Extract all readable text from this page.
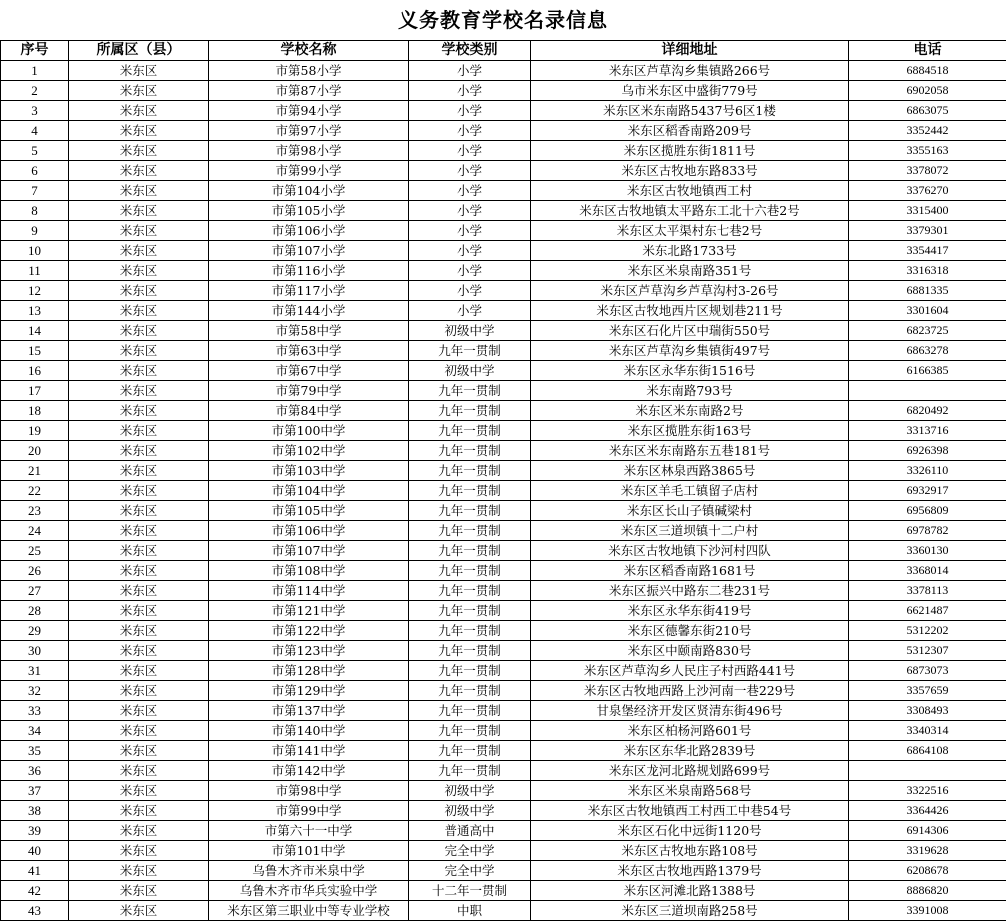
义务教育学校名录信息
序号	所属区（县）	学校名称	学校类别	详细地址	电话
1	米东区	市第58小学	小学	米东区芦草沟乡集镇路266号	6884518
2	米东区	市第87小学	小学	乌市米东区中盛街779号	6902058
3	米东区	市第94小学	小学	米东区米东南路5437号6区1楼	6863075
4	米东区	市第97小学	小学	米东区稻香南路209号	3352442
5	米东区	市第98小学	小学	米东区揽胜东街1811号	3355163
6	米东区	市第99小学	小学	米东区古牧地东路833号	3378072
7	米东区	市第104小学	小学	米东区古牧地镇西工村	3376270
8	米东区	市第105小学	小学	米东区古牧地镇太平路东工北十六巷2号	3315400
9	米东区	市第106小学	小学	米东区太平渠村东七巷2号	3379301
10	米东区	市第107小学	小学	米东北路1733号	3354417
11	米东区	市第116小学	小学	米东区米泉南路351号	3316318
12	米东区	市第117小学	小学	米东区芦草沟乡芦草沟村3-26号	6881335
13	米东区	市第144小学	小学	米东区古牧地西片区规划巷211号	3301604
14	米东区	市第58中学	初级中学	米东区石化片区中瑞街550号	6823725
15	米东区	市第63中学	九年一贯制	米东区芦草沟乡集镇街497号	6863278
16	米东区	市第67中学	初级中学	米东区永华东街1516号	6166385
17	米东区	市第79中学	九年一贯制	米东南路793号	
18	米东区	市第84中学	九年一贯制	米东区米东南路2号	6820492
19	米东区	市第100中学	九年一贯制	米东区揽胜东街163号	3313716
20	米东区	市第102中学	九年一贯制	米东区米东南路东五巷181号	6926398
21	米东区	市第103中学	九年一贯制	米东区林泉西路3865号	3326110
22	米东区	市第104中学	九年一贯制	米东区羊毛工镇留子店村	6932917
23	米东区	市第105中学	九年一贯制	米东区长山子镇碱梁村	6956809
24	米东区	市第106中学	九年一贯制	米东区三道坝镇十二户村	6978782
25	米东区	市第107中学	九年一贯制	米东区古牧地镇下沙河村四队	3360130
26	米东区	市第108中学	九年一贯制	米东区稻香南路1681号	3368014
27	米东区	市第114中学	九年一贯制	米东区振兴中路东二巷231号	3378113
28	米东区	市第121中学	九年一贯制	米东区永华东街419号	6621487
29	米东区	市第122中学	九年一贯制	米东区德馨东街210号	5312202
30	米东区	市第123中学	九年一贯制	米东区中颐南路830号	5312307
31	米东区	市第128中学	九年一贯制	米东区芦草沟乡人民庄子村西路441号	6873073
32	米东区	市第129中学	九年一贯制	米东区古牧地西路上沙河南一巷229号	3357659
33	米东区	市第137中学	九年一贯制	甘泉堡经济开发区贤清东街496号	3308493
34	米东区	市第140中学	九年一贯制	米东区柏杨河路601号	3340314
35	米东区	市第141中学	九年一贯制	米东区东华北路2839号	6864108
36	米东区	市第142中学	九年一贯制	米东区龙河北路规划路699号	
37	米东区	市第98中学	初级中学	米东区米泉南路568号	3322516
38	米东区	市第99中学	初级中学	米东区古牧地镇西工村西工中巷54号	3364426
39	米东区	市第六十一中学	普通高中	米东区石化中远街1120号	6914306
40	米东区	市第101中学	完全中学	米东区古牧地东路108号	3319628
41	米东区	乌鲁木齐市米泉中学	完全中学	米东区古牧地西路1379号	6208678
42	米东区	乌鲁木齐市华兵实验中学	十二年一贯制	米东区河滩北路1388号	8886820
43	米东区	米东区第三职业中等专业学校	中职	米东区三道坝南路258号	3391008
